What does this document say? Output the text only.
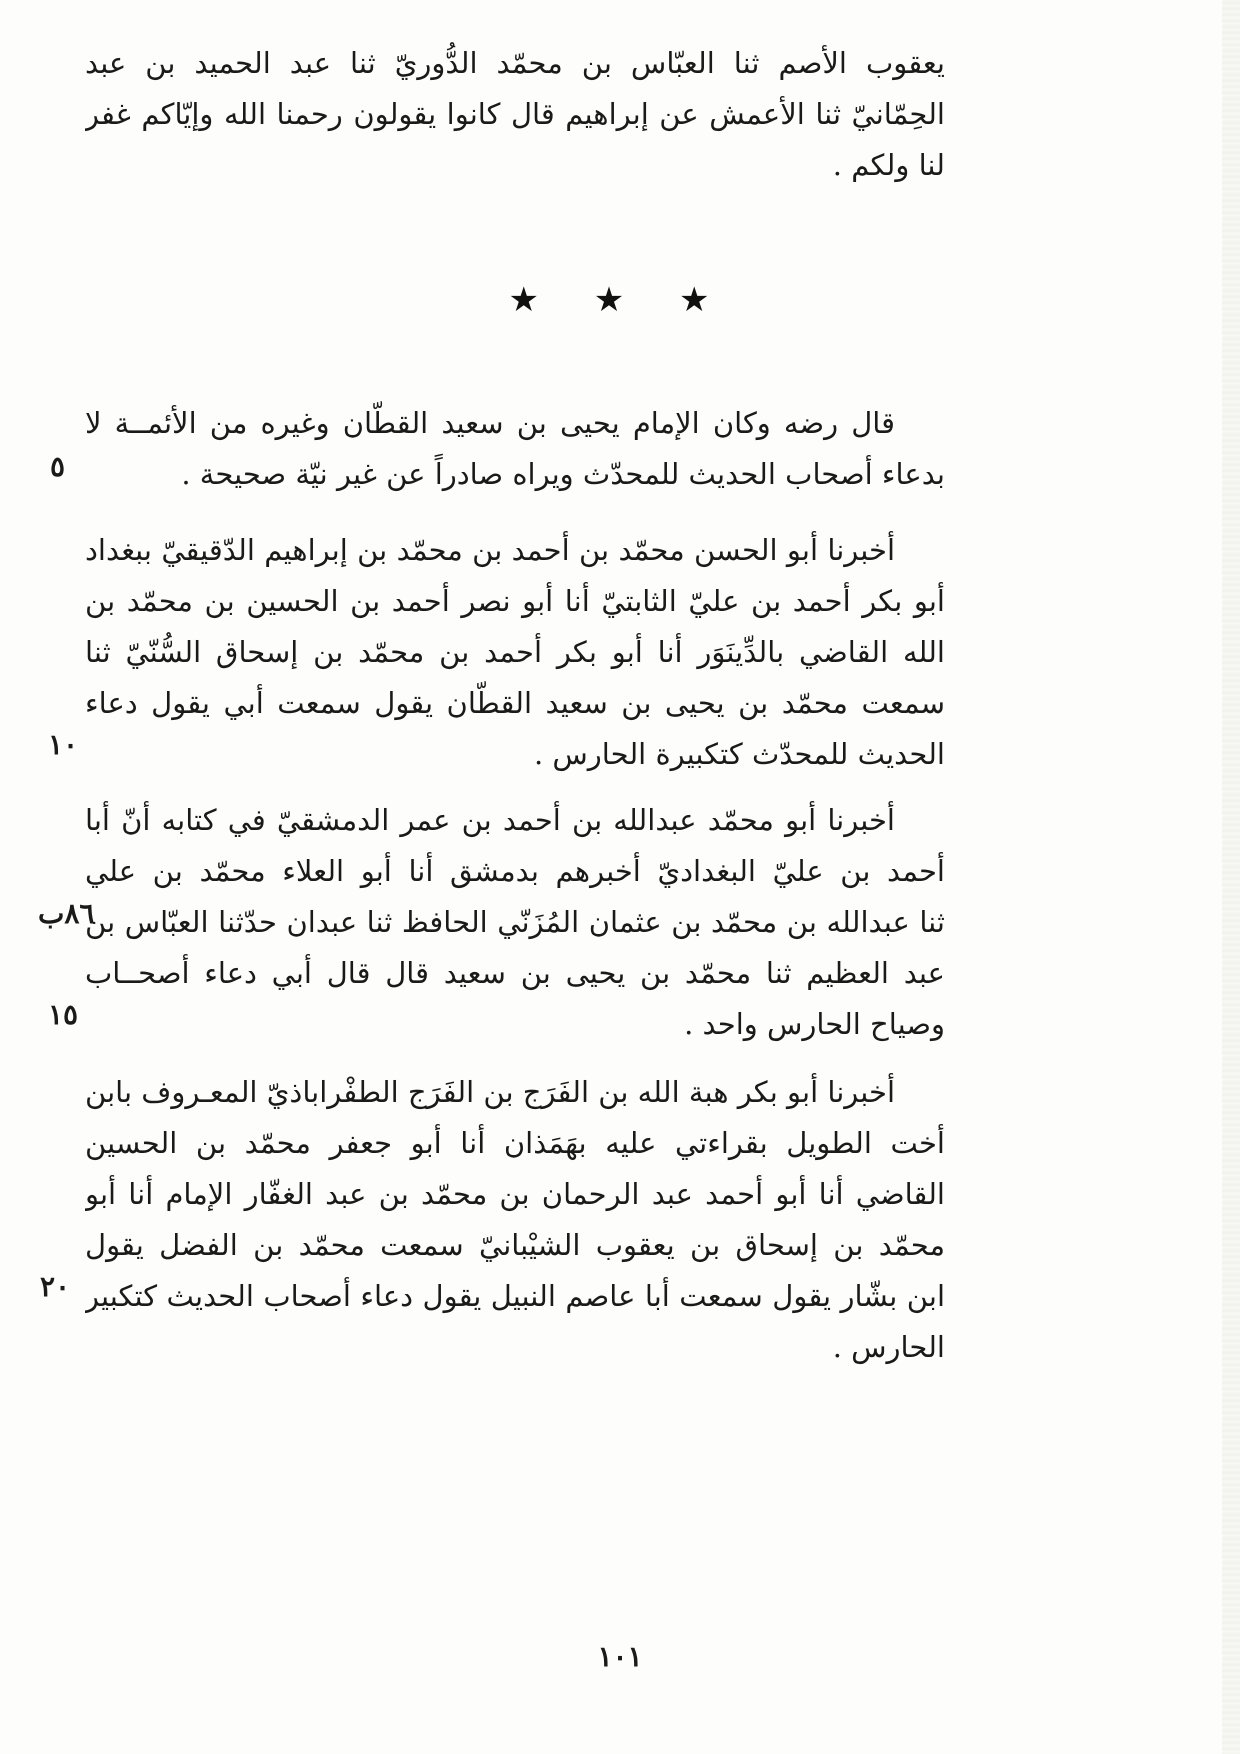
يعقوب الأصم ثنا العبّاس بن محمّد الدُّوريّ ثنا عبد الحميد بن عبد
الحِمّانيّ ثنا الأعمش عن إبراهيم قال كانوا يقولون رحمنا الله وإيّاكم غفر
لنا ولكم .
★ ★ ★
قال رضه وكان الإمام يحيى بن سعيد القطّان وغيره من الأئمــة لا
بدعاء أصحاب الحديث للمحدّث ويراه صادراً عن غير نيّة صحيحة .
٥
أخبرنا أبو الحسن محمّد بن أحمد بن محمّد بن إبراهيم الدّقيقيّ ببغداد
أبو بكر أحمد بن عليّ الثابتيّ أنا أبو نصر أحمد بن الحسين بن محمّد بن
الله القاضي بالدِّينَوَر أنا أبو بكر أحمد بن محمّد بن إسحاق السُّنّيّ ثنا
سمعت محمّد بن يحيى بن سعيد القطّان يقول سمعت أبي يقول دعاء
الحديث للمحدّث كتكبيرة الحارس .
١٠
أخبرنا أبو محمّد عبدالله بن أحمد بن عمر الدمشقيّ في كتابه أنّ أبا
أحمد بن عليّ البغداديّ أخبرهم بدمشق أنا أبو العلاء محمّد بن علي
ثنا عبدالله بن محمّد بن عثمان المُزَنّي الحافظ ثنا عبدان حدّثنا العبّاس بن
عبد العظيم ثنا محمّد بن يحيى بن سعيد قال قال أبي دعاء أصحــاب
وصياح الحارس واحد .
٨٦ب
١٥
أخبرنا أبو بكر هبة الله بن الفَرَج بن الفَرَج الطفْراباذيّ المعـروف بابن
أخت الطويل بقراءتي عليه بهَمَذان أنا أبو جعفر محمّد بن الحسين
القاضي أنا أبو أحمد عبد الرحمان بن محمّد بن عبد الغفّار الإمام أنا أبو
محمّد بن إسحاق بن يعقوب الشيْبانيّ سمعت محمّد بن الفضل يقول
ابن بشّار يقول سمعت أبا عاصم النبيل يقول دعاء أصحاب الحديث كتكبير
الحارس .
٢٠
١٠١
